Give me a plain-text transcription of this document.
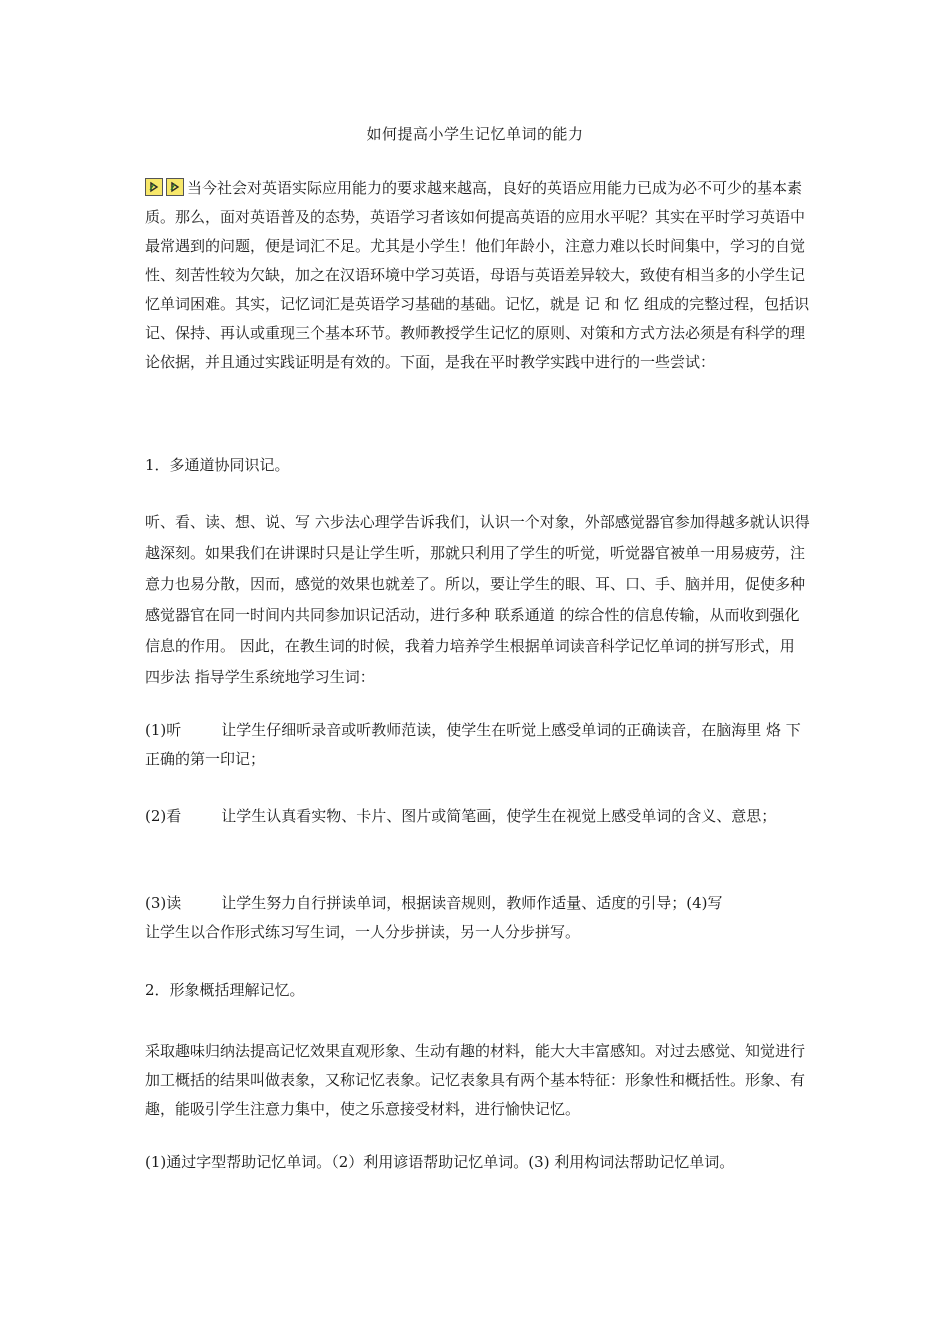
如何提高小学生记忆单词的能力

当今社会对英语实际应用能力的要求越来越高，良好的英语应用能力已成为必不可少的基本素质。那么，面对英语普及的态势，英语学习者该如何提高英语的应用水平呢？其实在平时学习英语中最常遇到的问题，便是词汇不足。尤其是小学生！他们年龄小，注意力难以长时间集中，学习的自觉性、刻苦性较为欠缺，加之在汉语环境中学习英语，母语与英语差异较大，致使有相当多的小学生记忆单词困难。其实，记忆词汇是英语学习基础的基础。记忆，就是 记 和 忆 组成的完整过程，包括识记、保持、再认或重现三个基本环节。教师教授学生记忆的原则、对策和方式方法必须是有科学的理论依据，并且通过实践证明是有效的。下面，是我在平时教学实践中进行的一些尝试：

1．多通道协同识记。

听、看、读、想、说、写 六步法心理学告诉我们，认识一个对象，外部感觉器官参加得越多就认识得越深刻。如果我们在讲课时只是让学生听，那就只利用了学生的听觉，听觉器官被单一用易疲劳，注意力也易分散，因而，感觉的效果也就差了。所以，要让学生的眼、耳、口、手、脑并用，促使多种感觉器官在同一时间内共同参加识记活动，进行多种 联系通道 的综合性的信息传输，从而收到强化信息的作用。 因此，在教生词的时候，我着力培养学生根据单词读音科学记忆单词的拼写形式，用 四步法 指导学生系统地学习生词：

(1)听	让学生仔细听录音或听教师范读，使学生在听觉上感受单词的正确读音，在脑海里 烙 下正确的第一印记；

(2)看	让学生认真看实物、卡片、图片或简笔画，使学生在视觉上感受单词的含义、意思；

(3)读	让学生努力自行拼读单词，根据读音规则，教师作适量、适度的引导；(4)写
让学生以合作形式练习写生词，一人分步拼读，另一人分步拼写。

2．形象概括理解记忆。

采取趣味归纳法提高记忆效果直观形象、生动有趣的材料，能大大丰富感知。对过去感觉、知觉进行加工概括的结果叫做表象，又称记忆表象。记忆表象具有两个基本特征：形象性和概括性。形象、有趣，能吸引学生注意力集中，使之乐意接受材料，进行愉快记忆。

(1)通过字型帮助记忆单词。（2）利用谚语帮助记忆单词。(3) 利用构词法帮助记忆单词。
